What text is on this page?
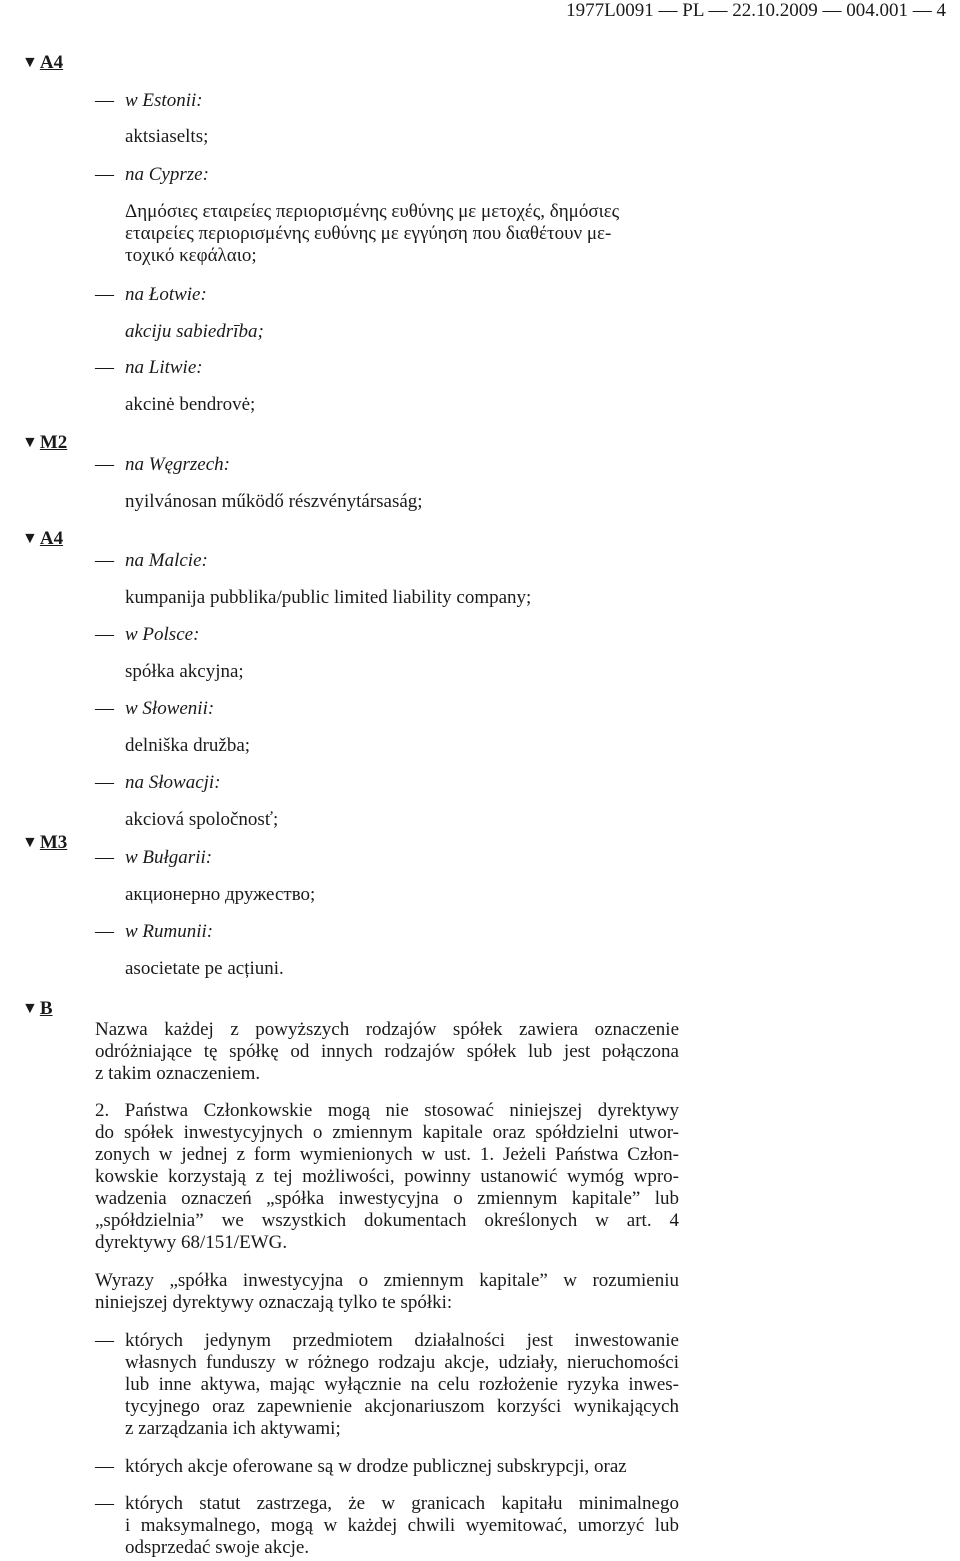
1977L0091 — PL — 22.10.2009 — 004.001 — 4
▼ A4
▼ M2
▼ A4
▼ M3
▼ B
— w Estonii:
aktsiaselts;
— na Cyprze:
Δημόσιες εταιρείες περιορισμένης ευθύνης με μετοχές, δημόσιες
εταιρείες περιορισμένης ευθύνης με εγγύηση που διαθέτουν με-
τοχικό κεφάλαιο;
— na Łotwie:
akciju sabiedrība;
— na Litwie:
akcinė bendrovė;
— na Węgrzech:
nyilvánosan működő részvénytársaság;
— na Malcie:
kumpanija pubblika/public limited liability company;
— w Polsce:
spółka akcyjna;
— w Słowenii:
delniška družba;
— na Słowacji:
akciová spoločnosť;
— w Bułgarii:
акционерно дружество;
— w Rumunii:
asocietate pe acțiuni.
Nazwa każdej z powyższych rodzajów spółek zawiera oznaczenie
odróżniające tę spółkę od innych rodzajów spółek lub jest połączona
z takim oznaczeniem.
2. Państwa Członkowskie mogą nie stosować niniejszej dyrektywy
do spółek inwestycyjnych o zmiennym kapitale oraz spółdzielni utwor-
zonych w jednej z form wymienionych w ust. 1. Jeżeli Państwa Człon-
kowskie korzystają z tej możliwości, powinny ustanowić wymóg wpro-
wadzenia oznaczeń „spółka inwestycyjna o zmiennym kapitale” lub
„spółdzielnia” we wszystkich dokumentach określonych w art. 4
dyrektywy 68/151/EWG.
Wyrazy „spółka inwestycyjna o zmiennym kapitale” w rozumieniu
niniejszej dyrektywy oznaczają tylko te spółki:
— których jedynym przedmiotem działalności jest inwestowanie
własnych funduszy w różnego rodzaju akcje, udziały, nieruchomości
lub inne aktywa, mając wyłącznie na celu rozłożenie ryzyka inwes-
tycyjnego oraz zapewnienie akcjonariuszom korzyści wynikających
z zarządzania ich aktywami;
— których akcje oferowane są w drodze publicznej subskrypcji, oraz
— których statut zastrzega, że w granicach kapitału minimalnego
i maksymalnego, mogą w każdej chwili wyemitować, umorzyć lub
odsprzedać swoje akcje.
